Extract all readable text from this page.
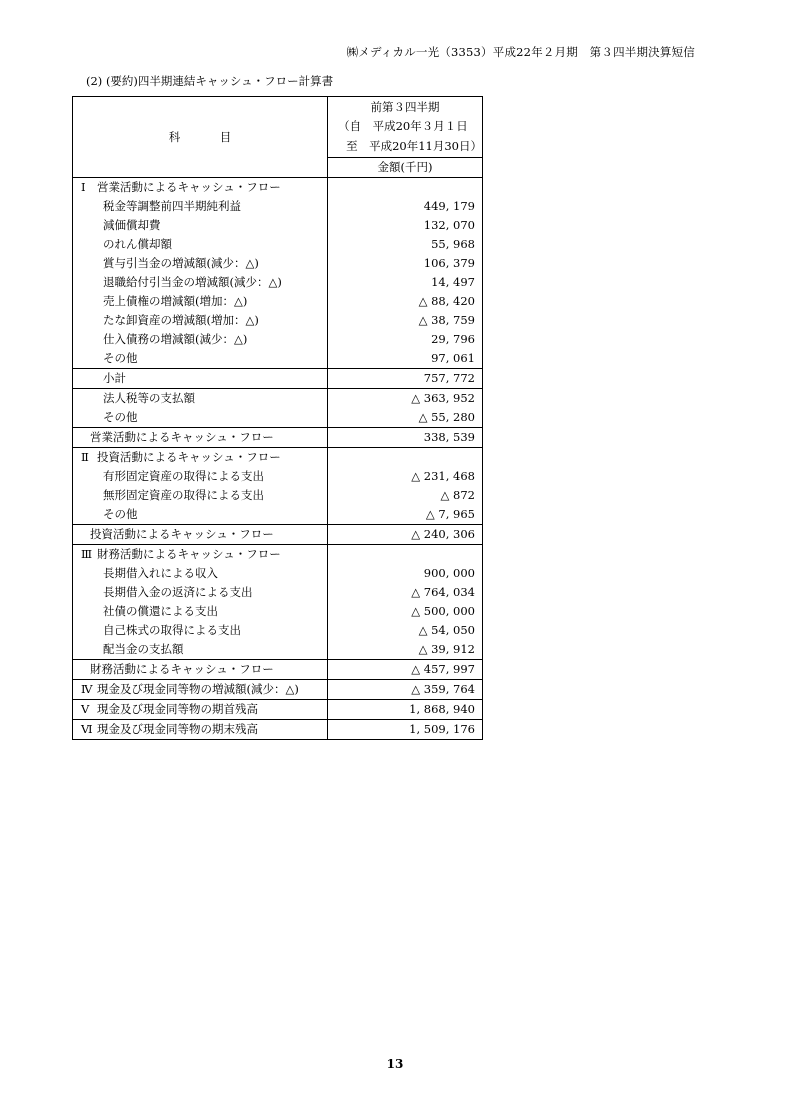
㈱メディカル一光（3353）平成22年２月期　第３四半期決算短信
(2) (要約)四半期連結キャッシュ・フロー計算書
科　目	前第３四半期
（自　平成20年３月１日
至　平成20年11月30日）

	金額(千円)
Ⅰ 営業活動によるキャッシュ・フロー	
税金等調整前四半期純利益	449, 179
減価償却費	132, 070
のれん償却額	55, 968
賞与引当金の増減額(減少：△)	106, 379
退職給付引当金の増減額(減少：△)	14, 497
売上債権の増減額(増加：△)	△ 88, 420
たな卸資産の増減額(増加：△)	△ 38, 759
仕入債務の増減額(減少：△)	29, 796
その他	97, 061
小計	757, 772
法人税等の支払額	△ 363, 952
その他	△ 55, 280
営業活動によるキャッシュ・フロー	338, 539
Ⅱ 投資活動によるキャッシュ・フロー	
有形固定資産の取得による支出	△ 231, 468
無形固定資産の取得による支出	△ 872
その他	△ 7, 965
投資活動によるキャッシュ・フロー	△ 240, 306
Ⅲ 財務活動によるキャッシュ・フロー	
長期借入れによる収入	900, 000
長期借入金の返済による支出	△ 764, 034
社債の償還による支出	△ 500, 000
自己株式の取得による支出	△ 54, 050
配当金の支払額	△ 39, 912
財務活動によるキャッシュ・フロー	△ 457, 997
Ⅳ 現金及び現金同等物の増減額(減少：△)	△ 359, 764
Ⅴ 現金及び現金同等物の期首残高	1, 868, 940
Ⅵ 現金及び現金同等物の期末残高	1, 509, 176
13
